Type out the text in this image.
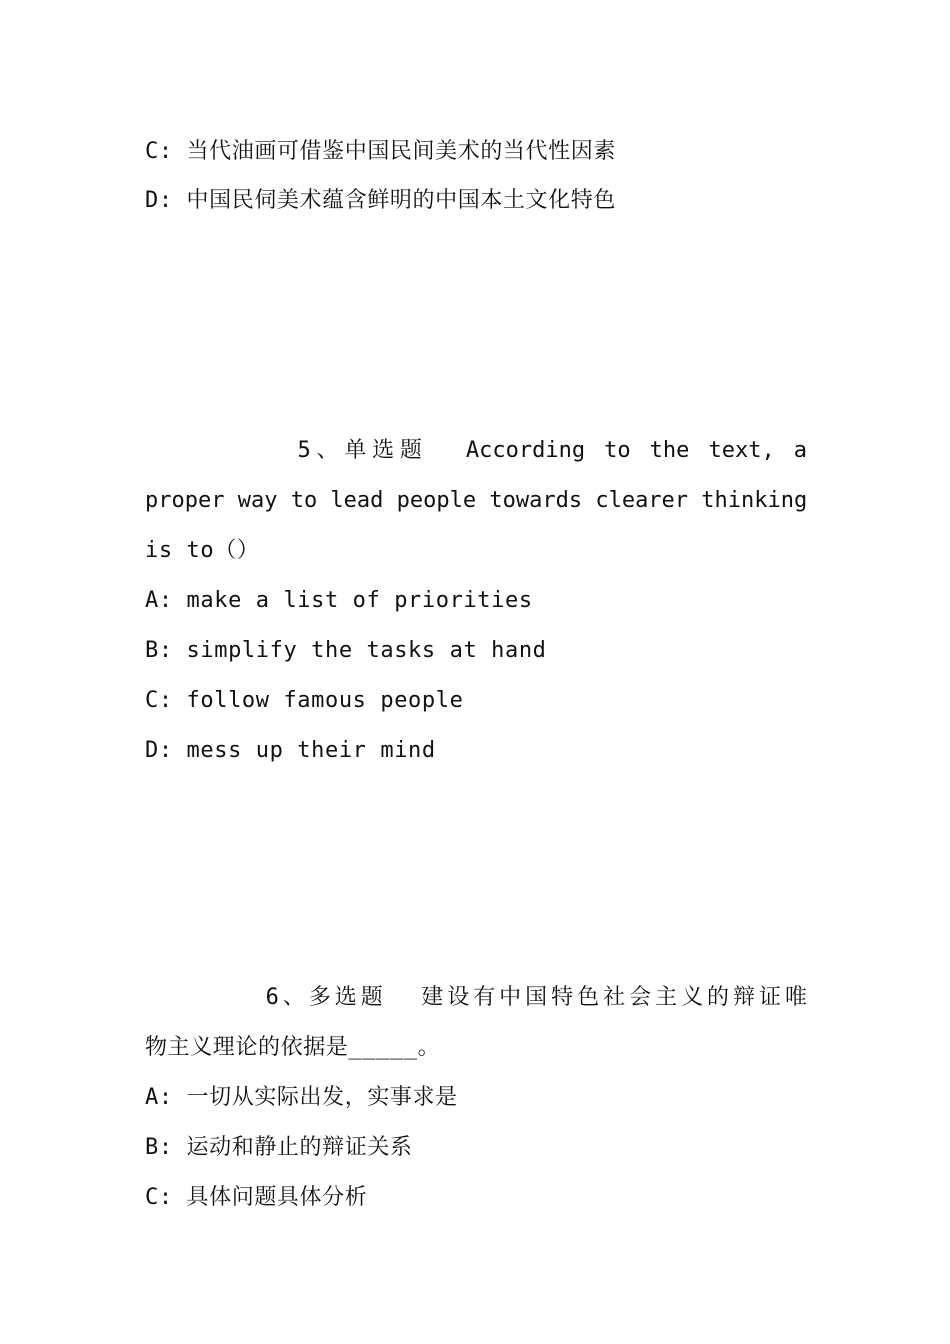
C: 当代油画可借鉴中国民间美术的当代性因素
D: 中国民伺美术蕴含鲜明的中国本土文化特色
5、单选题  According to the text, a
proper way to lead people towards clearer thinking
is to（）
A: make a list of priorities
B: simplify the tasks at hand
C: follow famous people
D: mess up their mind
6、多选题  建设有中国特色社会主义的辩证唯
物主义理论的依据是_____。
A: 一切从实际出发，实事求是
B: 运动和静止的辩证关系
C: 具体问题具体分析
